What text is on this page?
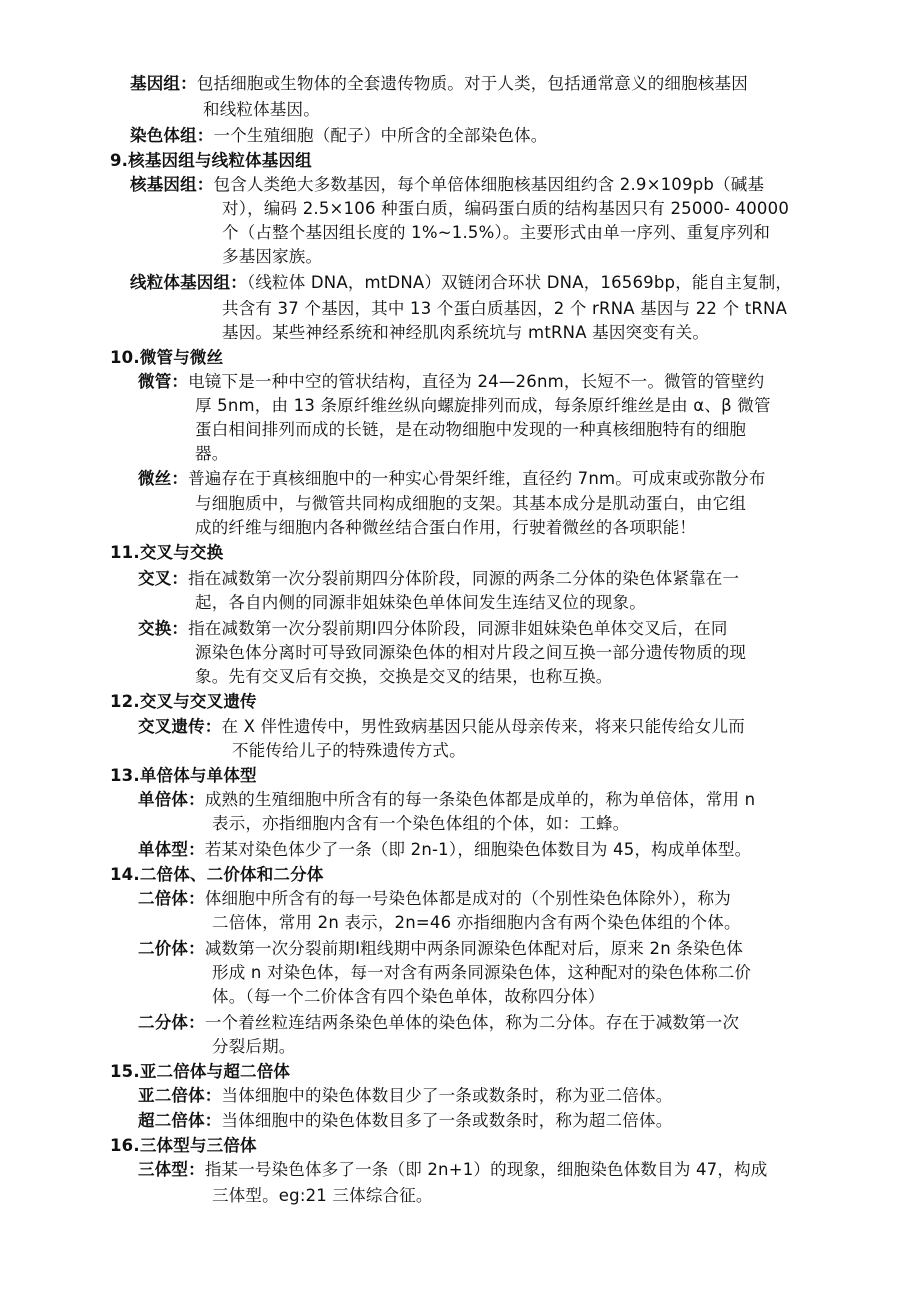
基因组：包括细胞或生物体的全套遗传物质。对于人类，包括通常意义的细胞核基因
和线粒体基因。
染色体组：一个生殖细胞（配子）中所含的全部染色体。
9.核基因组与线粒体基因组
核基因组：包含人类绝大多数基因，每个单倍体细胞核基因组约含 2.9×109pb（碱基
对），编码 2.5×106 种蛋白质，编码蛋白质的结构基因只有 25000- 40000
个（占整个基因组长度的 1%~1.5%）。主要形式由单一序列、重复序列和
多基因家族。
线粒体基因组：（线粒体 DNA，mtDNA）双链闭合环状 DNA，16569bp，能自主复制，
共含有 37 个基因，其中 13 个蛋白质基因，2 个 rRNA 基因与 22 个 tRNA
基因。某些神经系统和神经肌肉系统坑与 mtRNA 基因突变有关。
10.微管与微丝
微管：电镜下是一种中空的管状结构，直径为 24—26nm，长短不一。微管的管壁约
厚 5nm，由 13 条原纤维丝纵向螺旋排列而成，每条原纤维丝是由 α、β 微管
蛋白相间排列而成的长链，是在动物细胞中发现的一种真核细胞特有的细胞
器。
微丝：普遍存在于真核细胞中的一种实心骨架纤维，直径约 7nm。可成束或弥散分布
与细胞质中，与微管共同构成细胞的支架。其基本成分是肌动蛋白，由它组
成的纤维与细胞内各种微丝结合蛋白作用，行驶着微丝的各项职能！
11.交叉与交换
交叉：指在减数第一次分裂前期四分体阶段，同源的两条二分体的染色体紧靠在一
起，各自内侧的同源非姐妹染色单体间发生连结叉位的现象。
交换：指在减数第一次分裂前期Ⅰ四分体阶段，同源非姐妹染色单体交叉后，在同
源染色体分离时可导致同源染色体的相对片段之间互换一部分遗传物质的现
象。先有交叉后有交换，交换是交叉的结果，也称互换。
12.交叉与交叉遗传
交叉遗传：在 X 伴性遗传中，男性致病基因只能从母亲传来，将来只能传给女儿而
不能传给儿子的特殊遗传方式。
13.单倍体与单体型
单倍体：成熟的生殖细胞中所含有的每一条染色体都是成单的，称为单倍体，常用 n
表示，亦指细胞内含有一个染色体组的个体，如：工蜂。
单体型：若某对染色体少了一条（即 2n-1），细胞染色体数目为 45，构成单体型。
14.二倍体、二价体和二分体
二倍体：体细胞中所含有的每一号染色体都是成对的（个别性染色体除外），称为
二倍体，常用 2n 表示，2n=46 亦指细胞内含有两个染色体组的个体。
二价体：减数第一次分裂前期Ⅰ粗线期中两条同源染色体配对后，原来 2n 条染色体
形成 n 对染色体，每一对含有两条同源染色体，这种配对的染色体称二价
体。（每一个二价体含有四个染色单体，故称四分体）
二分体：一个着丝粒连结两条染色单体的染色体，称为二分体。存在于减数第一次
分裂后期。
15.亚二倍体与超二倍体
亚二倍体：当体细胞中的染色体数目少了一条或数条时，称为亚二倍体。
超二倍体：当体细胞中的染色体数目多了一条或数条时，称为超二倍体。
16.三体型与三倍体
三体型：指某一号染色体多了一条（即 2n+1）的现象，细胞染色体数目为 47，构成
三体型。eg:21 三体综合征。
